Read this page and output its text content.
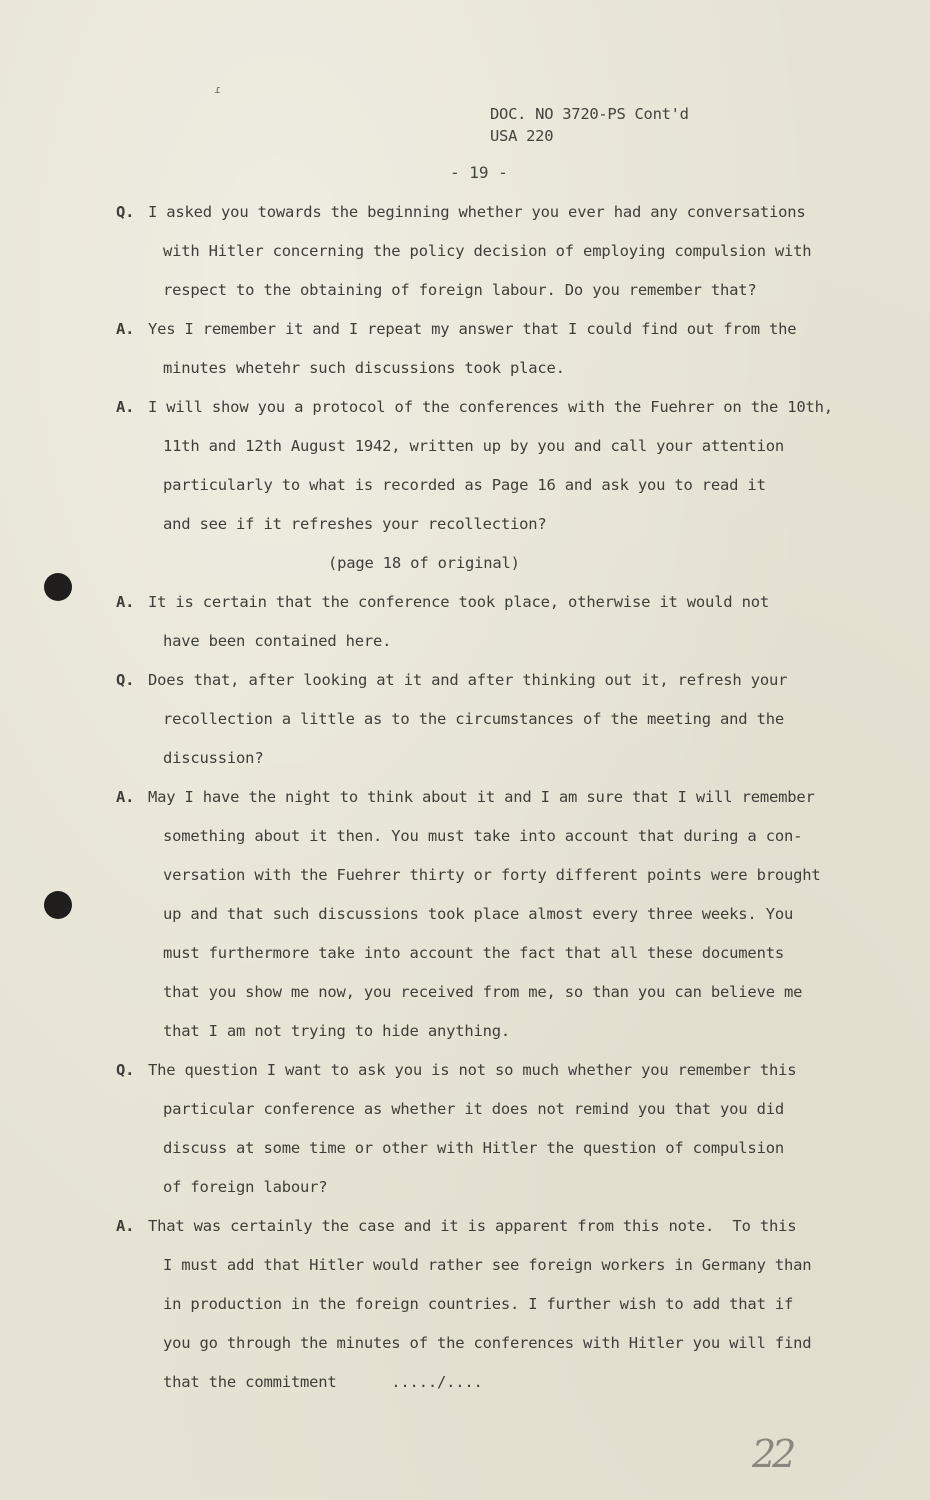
ɾ
DOC. NO 3720-PS Cont'd
USA 220
- 19 -
Q. I asked you towards the beginning whether you ever had any conversations
with Hitler concerning the policy decision of employing compulsion with
respect to the obtaining of foreign labour. Do you remember that?
A. Yes I remember it and I repeat my answer that I could find out from the
minutes whetehr such discussions took place.
A. I will show you a protocol of the conferences with the Fuehrer on the 10th,
11th and 12th August 1942, written up by you and call your attention
particularly to what is recorded as Page 16 and ask you to read it
and see if it refreshes your recollection?
(page 18 of original)
A. It is certain that the conference took place, otherwise it would not
have been contained here.
Q. Does that, after looking at it and after thinking out it, refresh your
recollection a little as to the circumstances of the meeting and the
discussion?
A. May I have the night to think about it and I am sure that I will remember
something about it then. You must take into account that during a con-
versation with the Fuehrer thirty or forty different points were brought
up and that such discussions took place almost every three weeks. You
must furthermore take into account the fact that all these documents
that you show me now, you received from me, so than you can believe me
that I am not trying to hide anything.
Q. The question I want to ask you is not so much whether you remember this
particular conference as whether it does not remind you that you did
discuss at some time or other with Hitler the question of compulsion
of foreign labour?
A. That was certainly the case and it is apparent from this note.  To this
I must add that Hitler would rather see foreign workers in Germany than
in production in the foreign countries. I further wish to add that if
you go through the minutes of the conferences with Hitler you will find
that the commitment      ...../....
22
